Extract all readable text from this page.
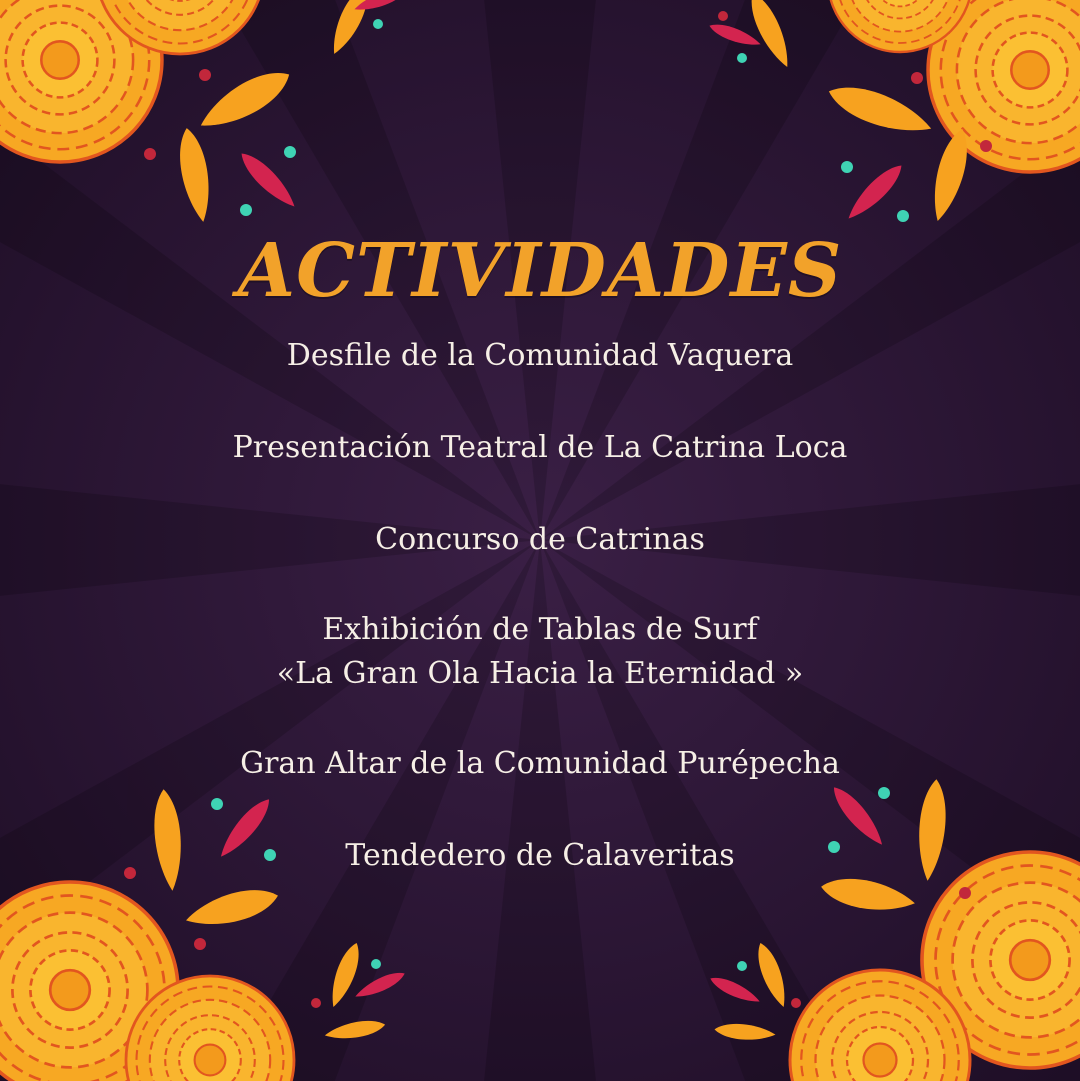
ACTIVIDADES
Desfile de la Comunidad Vaquera
Presentación Teatral de La Catrina Loca
Concurso de Catrinas
Exhibición de Tablas de Surf
«La Gran Ola Hacia la Eternidad »
Gran Altar de la Comunidad Purépecha
Tendedero de Calaveritas
